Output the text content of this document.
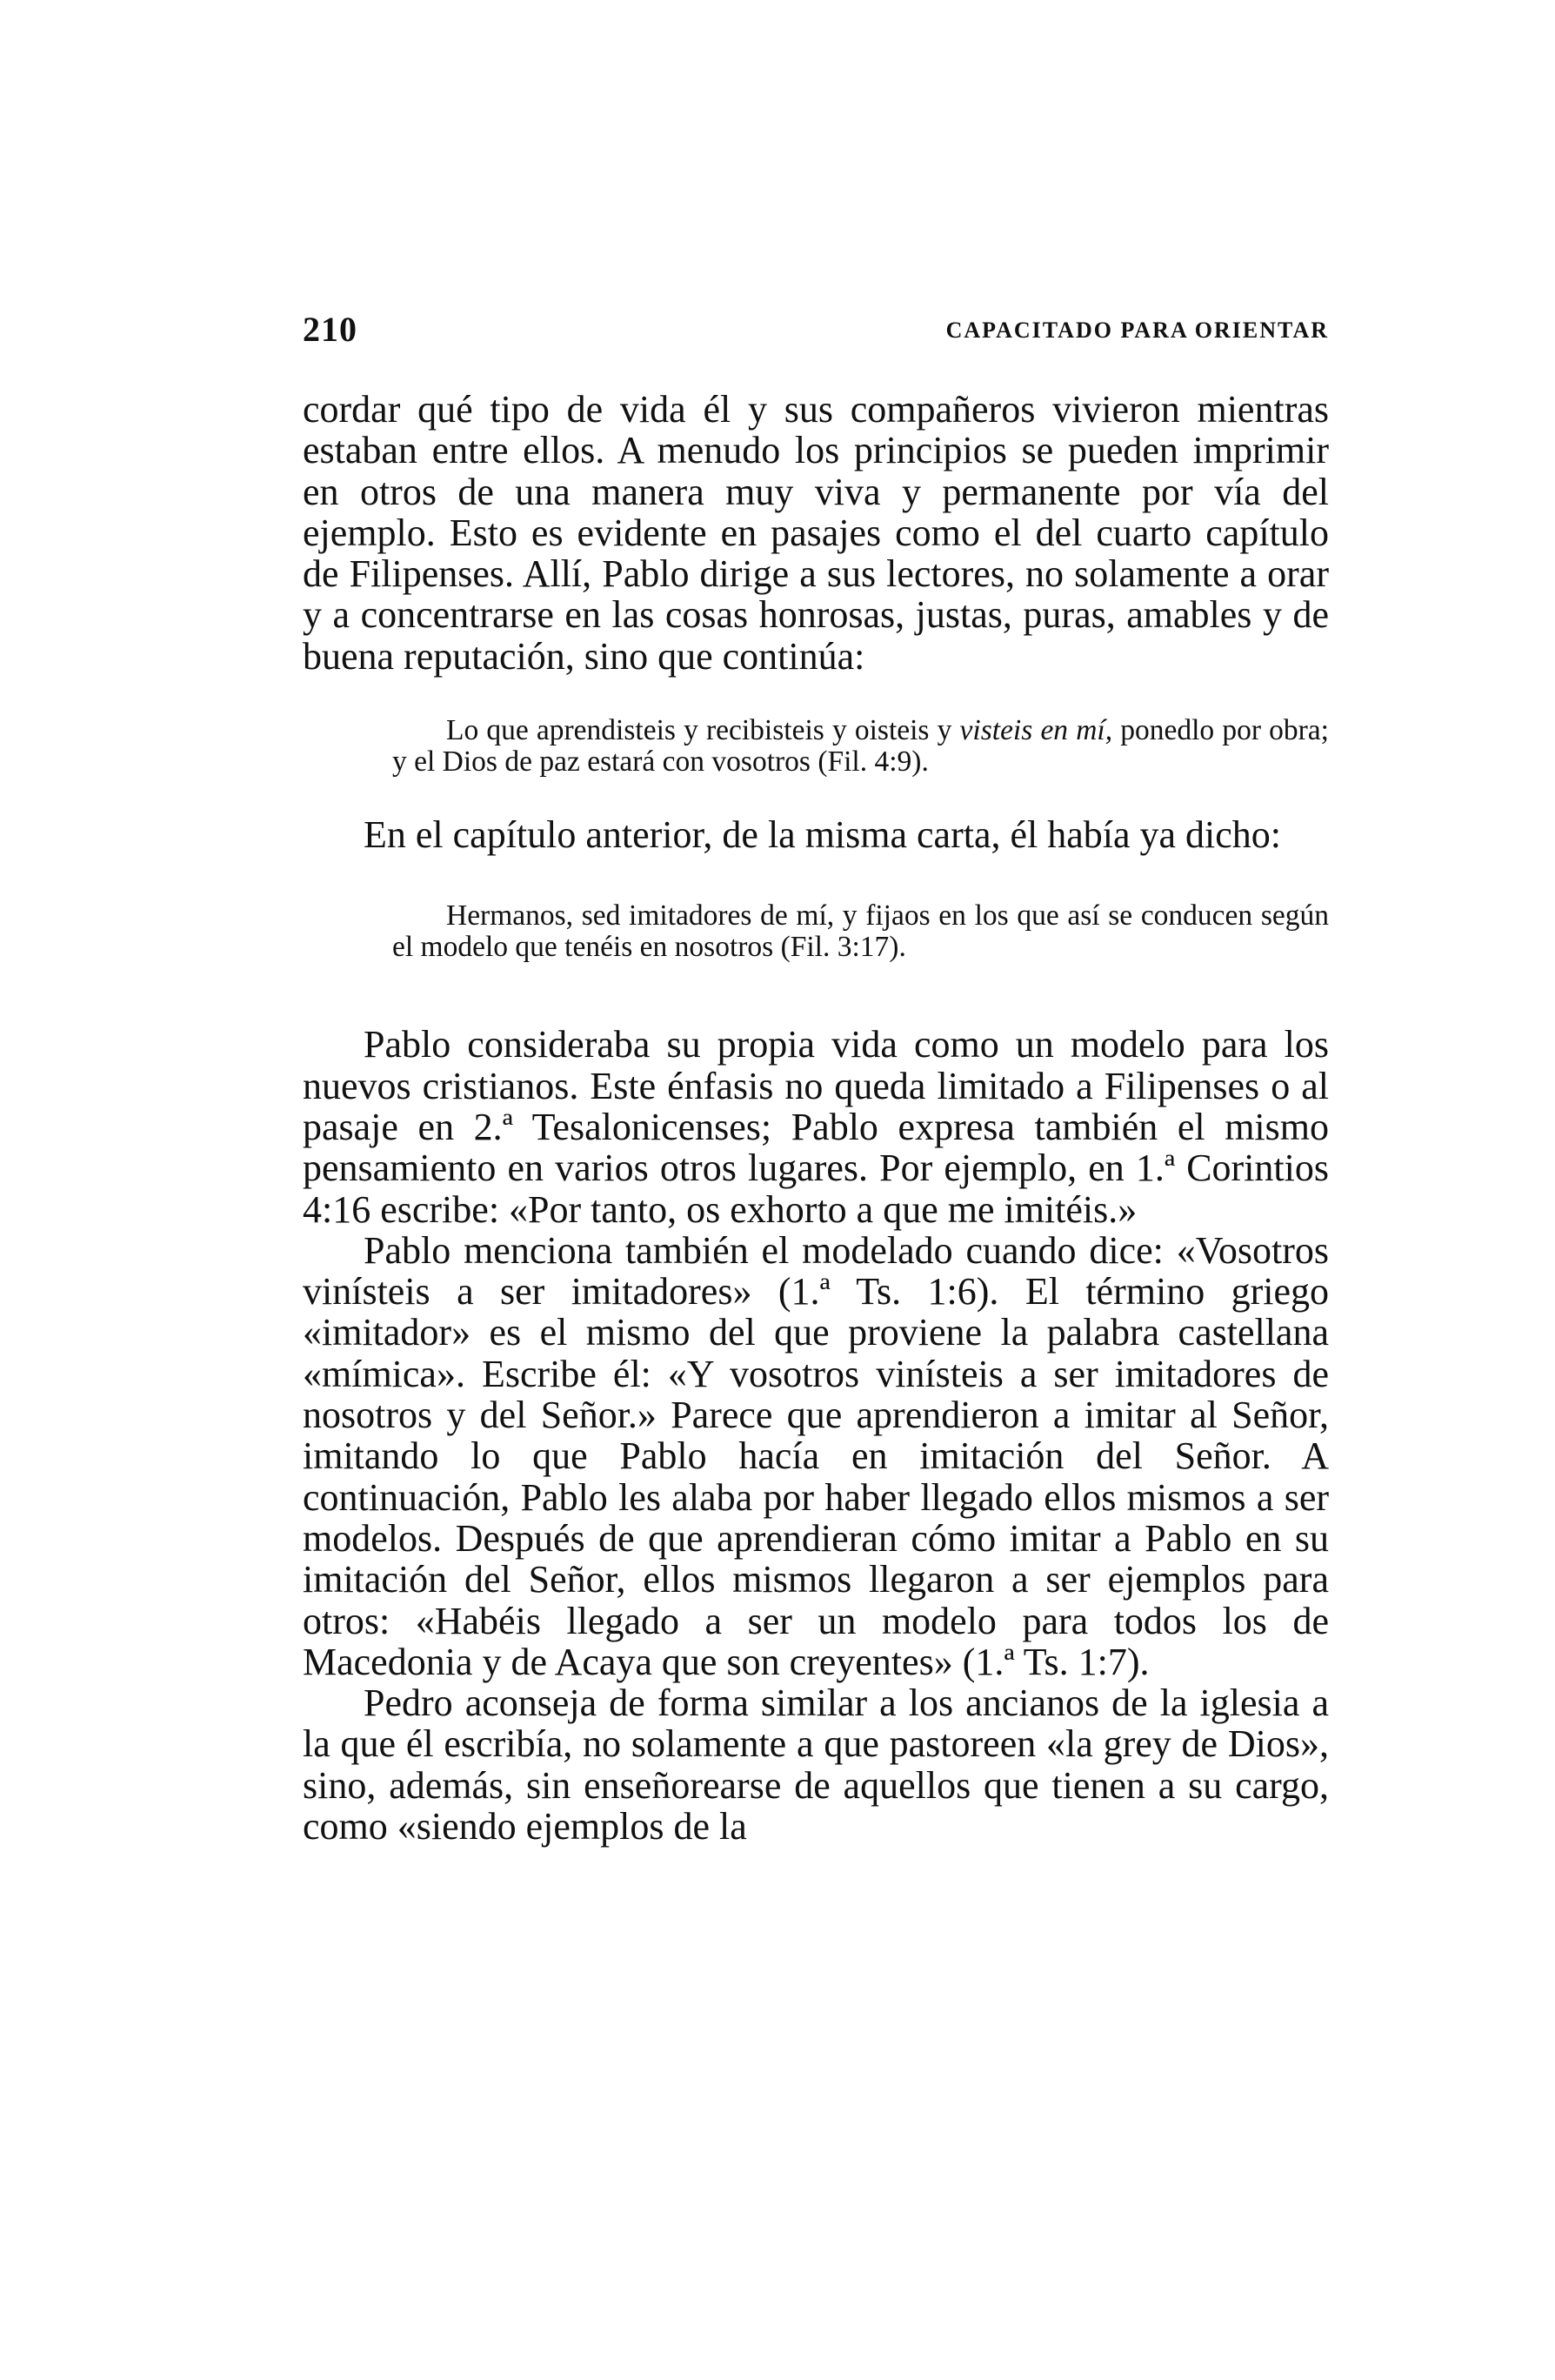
210	CAPACITADO PARA ORIENTAR

cordar qué tipo de vida él y sus compañeros vivieron mientras estaban entre ellos. A menudo los principios se pueden imprimir en otros de una manera muy viva y permanente por vía del ejemplo. Esto es evidente en pasajes como el del cuarto capítulo de Filipenses. Allí, Pablo dirige a sus lectores, no solamente a orar y a concentrarse en las cosas honrosas, justas, puras, amables y de buena reputación, sino que continúa:

Lo que aprendisteis y recibisteis y oisteis y visteis en mí, ponedlo por obra; y el Dios de paz estará con vosotros (Fil. 4:9).

En el capítulo anterior, de la misma carta, él había ya dicho:

Hermanos, sed imitadores de mí, y fijaos en los que así se conducen según el modelo que tenéis en nosotros (Fil. 3:17).

Pablo consideraba su propia vida como un modelo para los nuevos cristianos. Este énfasis no queda limitado a Filipenses o al pasaje en 2.ª Tesalonicenses; Pablo expresa también el mismo pensamiento en varios otros lugares. Por ejemplo, en 1.ª Corintios 4:16 escribe: «Por tanto, os exhorto a que me imitéis.»

Pablo menciona también el modelado cuando dice: «Vosotros vinísteis a ser imitadores» (1.ª Ts. 1:6). El término griego «imitador» es el mismo del que proviene la palabra castellana «mímica». Escribe él: «Y vosotros vinísteis a ser imitadores de nosotros y del Señor.» Parece que aprendieron a imitar al Señor, imitando lo que Pablo hacía en imitación del Señor. A continuación, Pablo les alaba por haber llegado ellos mismos a ser modelos. Después de que aprendieran cómo imitar a Pablo en su imitación del Señor, ellos mismos llegaron a ser ejemplos para otros: «Habéis llegado a ser un modelo para todos los de Macedonia y de Acaya que son creyentes» (1.ª Ts. 1:7).

Pedro aconseja de forma similar a los ancianos de la iglesia a la que él escribía, no solamente a que pastoreen «la grey de Dios», sino, además, sin enseñorearse de aquellos que tienen a su cargo, como «siendo ejemplos de la
